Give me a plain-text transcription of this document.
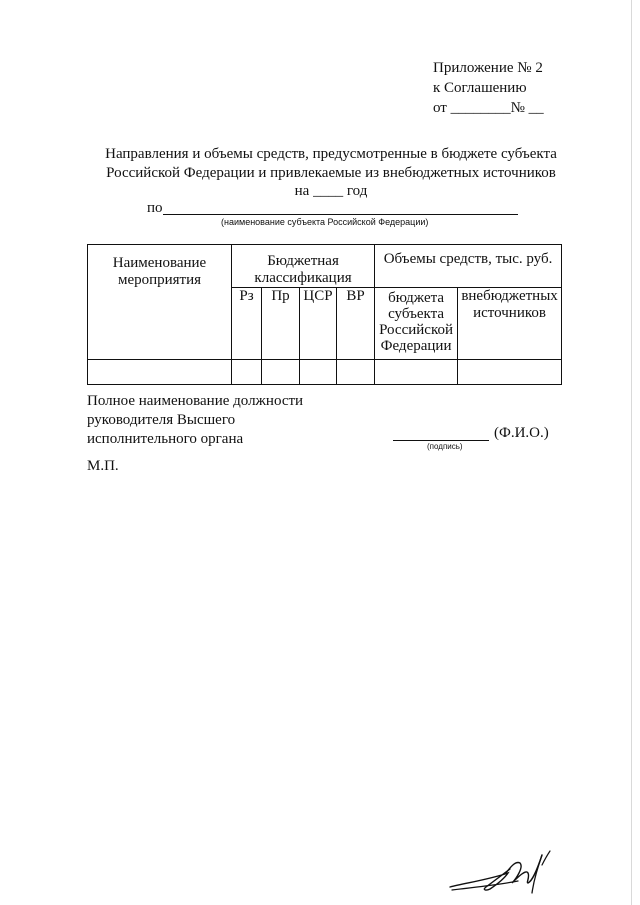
Приложение № 2
к Соглашению
от ________№ __
Направления и объемы средств, предусмотренные в бюджете субъекта Российской Федерации и привлекаемые из внебюджетных источников
на ____ год
по
(наименование субъекта Российской Федерации)
Наименование мероприятия	Бюджетная классификация				Объемы средств, тыс. руб.	
	Рз	Пр	ЦСР	ВР	бюджета
субъекта
Российской
Федерации	внебюджетных источников

Полное наименование должности
руководителя Высшего
исполнительного органа	(Ф.И.О.)
(подпись)
М.П.
